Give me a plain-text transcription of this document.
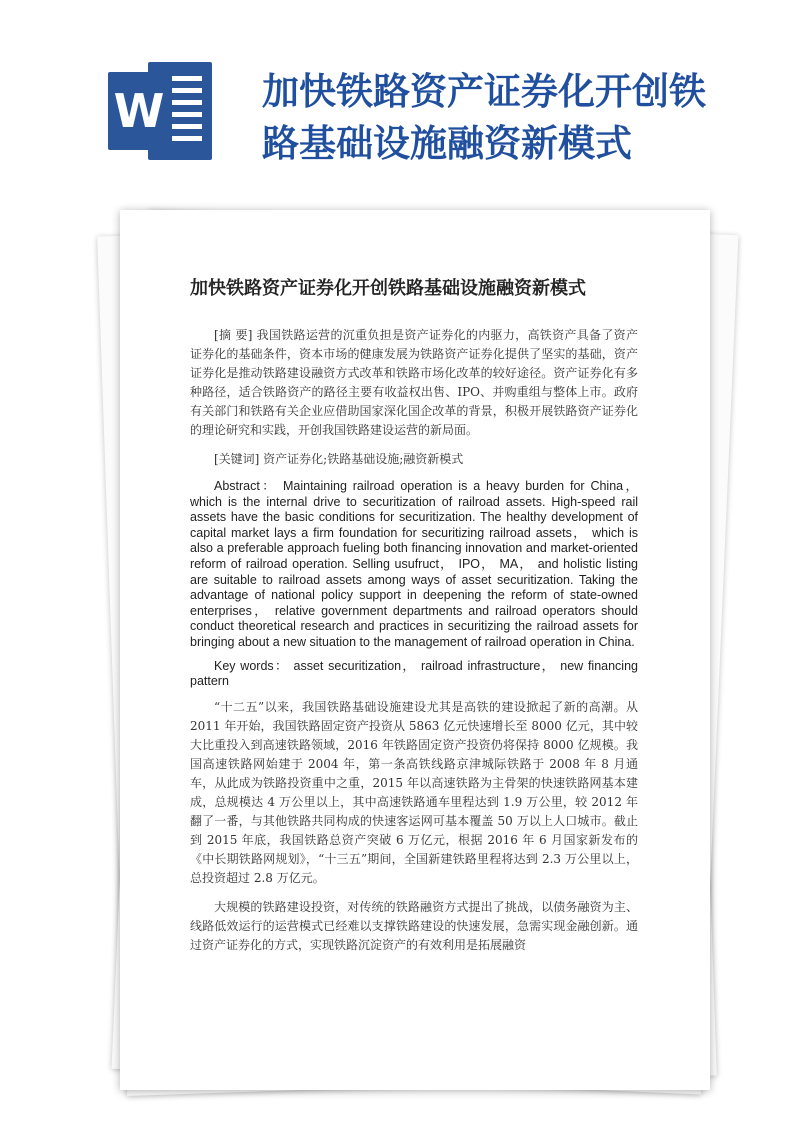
W	加快铁路资产证券化开创铁路基础设施融资新模式
加快铁路资产证券化开创铁路基础设施融资新模式

[摘 要] 我国铁路运营的沉重负担是资产证券化的内驱力，高铁资产具备了资产证券化的基础条件，资本市场的健康发展为铁路资产证券化提供了坚实的基础，资产证券化是推动铁路建设融资方式改革和铁路市场化改革的较好途径。资产证券化有多种路径，适合铁路资产的路径主要有收益权出售、IPO、并购重组与整体上市。政府有关部门和铁路有关企业应借助国家深化国企改革的背景，积极开展铁路资产证券化的理论研究和实践，开创我国铁路建设运营的新局面。

[关键词] 资产证券化;铁路基础设施;融资新模式

Abstract： Maintaining railroad operation is a heavy burden for China，which is the internal drive to securitization of railroad assets. High-speed rail assets have the basic conditions for securitization. The healthy development of capital market lays a firm foundation for securitizing railroad assets， which is also a preferable approach fueling both financing innovation and market-oriented reform of railroad operation. Selling usufruct， IPO， MA， and holistic listing are suitable to railroad assets among ways of asset securitization. Taking the advantage of national policy support in deepening the reform of state-owned enterprises， relative government departments and railroad operators should conduct theoretical research and practices in securitizing the railroad assets for bringing about a new situation to the management of railroad operation in China.

Key words： asset securitization， railroad infrastructure， new financing pattern

“十二五”以来，我国铁路基础设施建设尤其是高铁的建设掀起了新的高潮。从 2011 年开始，我国铁路固定资产投资从 5863 亿元快速增长至 8000 亿元，其中较大比重投入到高速铁路领域，2016 年铁路固定资产投资仍将保持 8000 亿规模。我国高速铁路网始建于 2004 年，第一条高铁线路京津城际铁路于 2008 年 8 月通车，从此成为铁路投资重中之重，2015 年以高速铁路为主骨架的快速铁路网基本建成，总规模达 4 万公里以上，其中高速铁路通车里程达到 1.9 万公里，较 2012 年翻了一番，与其他铁路共同构成的快速客运网可基本覆盖 50 万以上人口城市。截止到 2015 年底，我国铁路总资产突破 6 万亿元，根据 2016 年 6 月国家新发布的《中长期铁路网规划》，“十三五”期间，全国新建铁路里程将达到 2.3 万公里以上，总投资超过 2.8 万亿元。

大规模的铁路建设投资，对传统的铁路融资方式提出了挑战，以债务融资为主、线路低效运行的运营模式已经难以支撑铁路建设的快速发展，急需实现金融创新。通过资产证券化的方式，实现铁路沉淀资产的有效利用是拓展融资
